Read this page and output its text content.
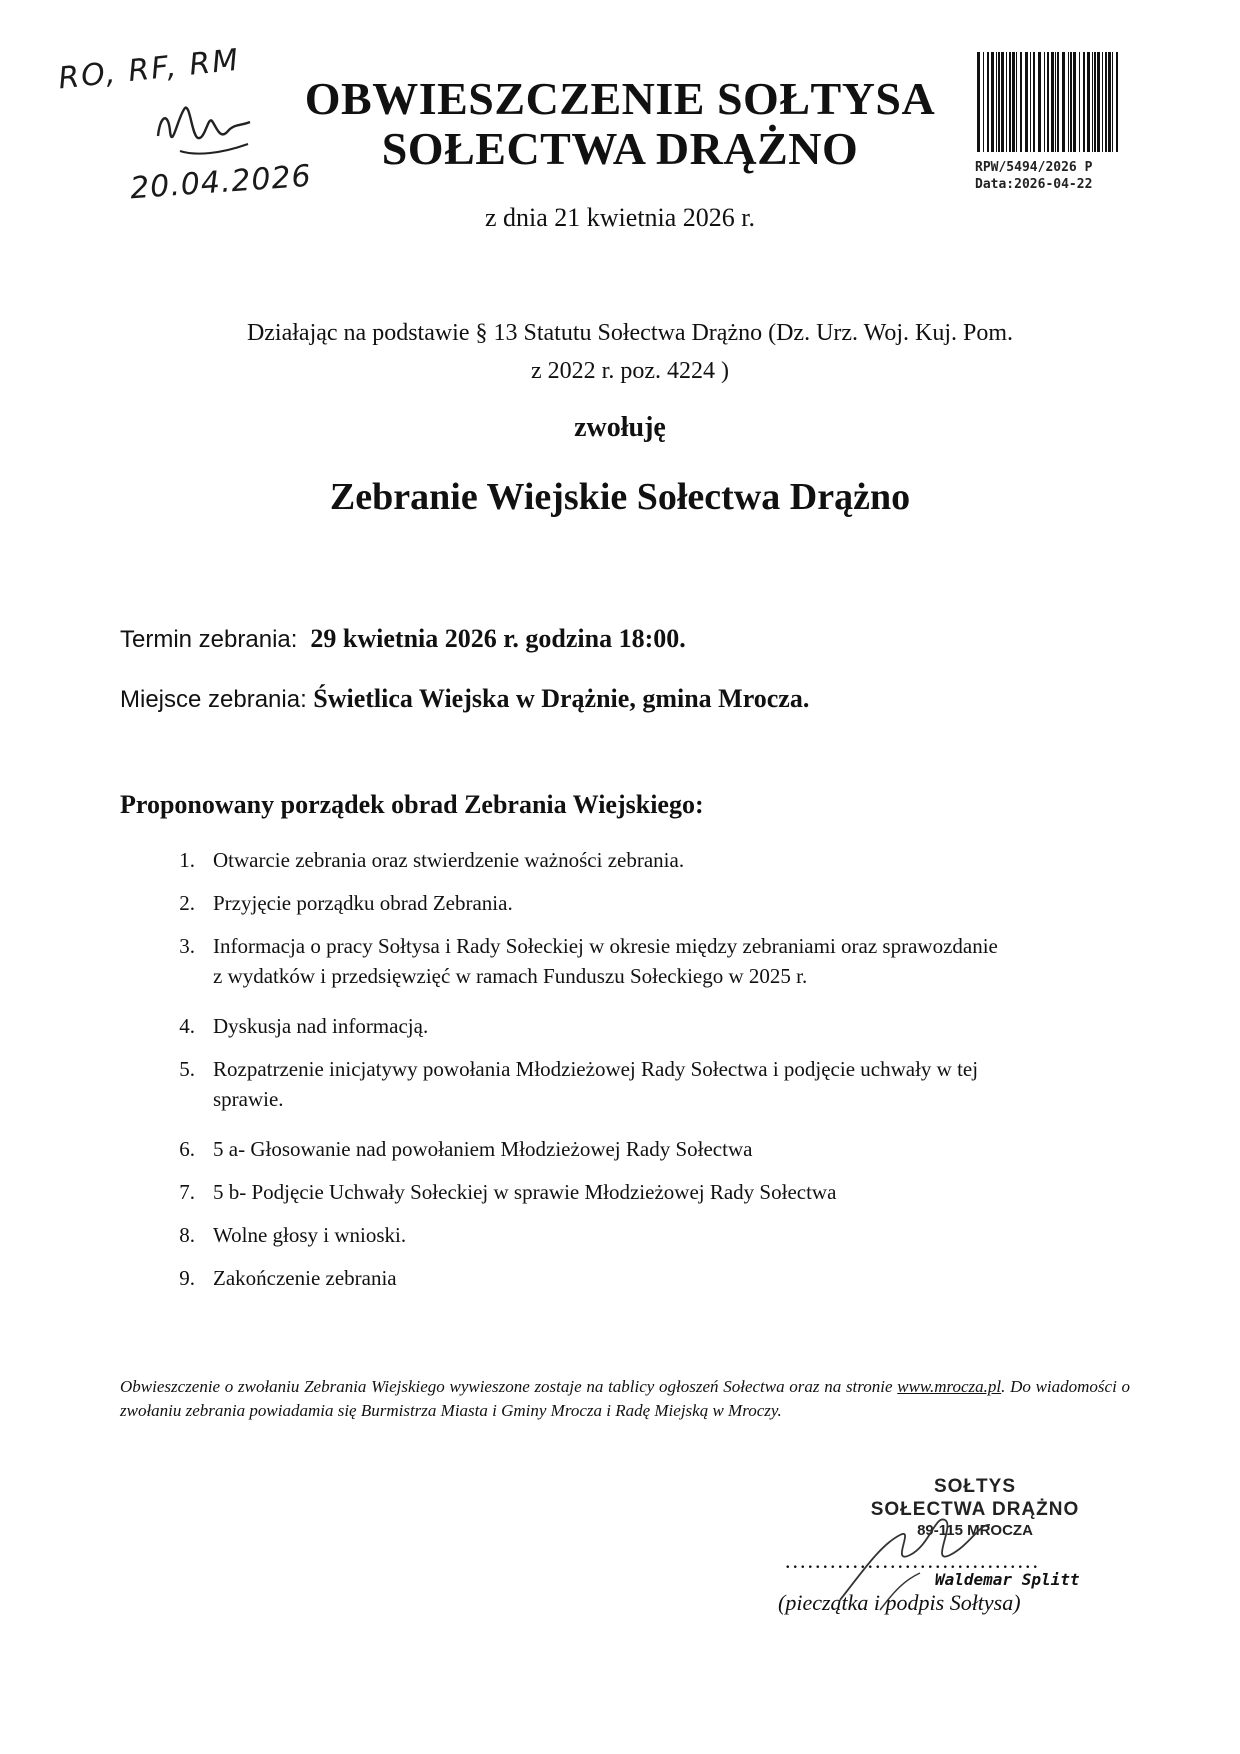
RO, RF, RM
20.04.2026
OBWIESZCZENIE SOŁTYSA
SOŁECTWA DRĄŻNO
z dnia 21 kwietnia 2026 r.
RPW/5494/2026 P
Data:2026-04-22
Działając na podstawie § 13 Statutu Sołectwa Drążno (Dz. Urz. Woj. Kuj. Pom.
z 2022 r. poz. 4224 )
zwołuję
Zebranie Wiejskie Sołectwa Drążno
Termin zebrania: 29 kwietnia 2026 r. godzina 18:00.
Miejsce zebrania: Świetlica Wiejska w Drążnie, gmina Mrocza.
Proponowany porządek obrad Zebrania Wiejskiego:
1. Otwarcie zebrania oraz stwierdzenie ważności zebrania.
2. Przyjęcie porządku obrad Zebrania.
3. Informacja o pracy Sołtysa i Rady Sołeckiej w okresie między zebraniami oraz sprawozdanie
z wydatków i przedsięwzięć w ramach Funduszu Sołeckiego w 2025 r.
4. Dyskusja nad informacją.
5. Rozpatrzenie inicjatywy powołania Młodzieżowej Rady Sołectwa i podjęcie uchwały w tej
sprawie.
6. 5 a- Głosowanie nad powołaniem Młodzieżowej Rady Sołectwa
7. 5 b- Podjęcie Uchwały Sołeckiej w sprawie Młodzieżowej Rady Sołectwa
8. Wolne głosy i wnioski.
9. Zakończenie zebrania
Obwieszczenie o zwołaniu Zebrania Wiejskiego wywieszone zostaje na tablicy ogłoszeń Sołectwa oraz na stronie www.mrocza.pl. Do wiadomości o zwołaniu zebrania powiadamia się Burmistrza Miasta i Gminy Mrocza i Radę Miejską w Mroczy.
SOŁTYS
SOŁECTWA DRĄŻNO
89-115 MROCZA
..................................
Waldemar Splitt
(pieczątka i podpis Sołtysa)
